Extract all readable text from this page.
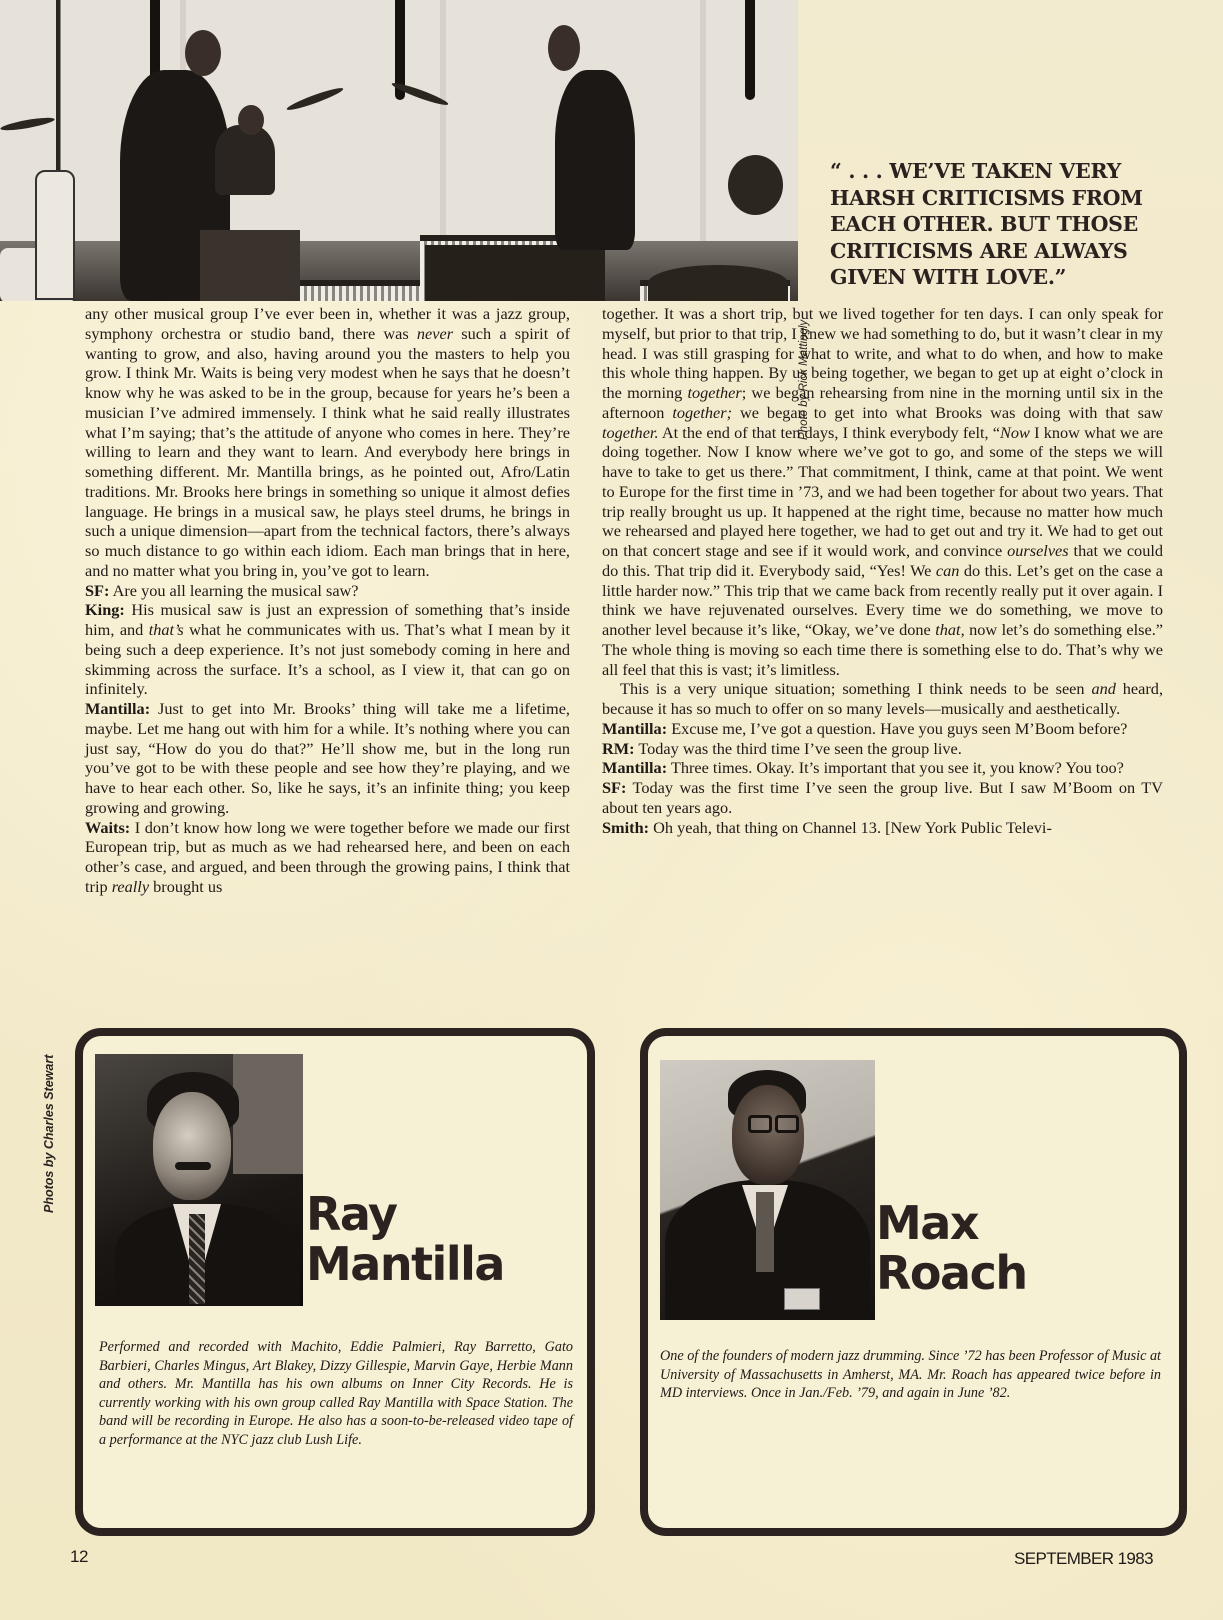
Photo by Rick Mattingly
“ . . . WE’VE TAKEN VERY HARSH CRITICISMS FROM EACH OTHER. BUT THOSE CRITICISMS ARE ALWAYS GIVEN WITH LOVE.”

any other musical group I’ve ever been in, whether it was a jazz group, symphony orchestra or studio band, there was never such a spirit of wanting to grow, and also, having around you the masters to help you grow. I think Mr. Waits is being very modest when he says that he doesn’t know why he was asked to be in the group, because for years he’s been a musician I’ve admired immensely. I think what he said really illustrates what I’m saying; that’s the attitude of anyone who comes in here. They’re willing to learn and they want to learn. And everybody here brings in something different. Mr. Mantilla brings, as he pointed out, Afro/Latin traditions. Mr. Brooks here brings in something so unique it almost defies language. He brings in a musical saw, he plays steel drums, he brings in such a unique dimension—apart from the technical factors, there’s always so much distance to go within each idiom. Each man brings that in here, and no matter what you bring in, you’ve got to learn.

SF: Are you all learning the musical saw?

King: His musical saw is just an expression of something that’s inside him, and that’s what he communicates with us. That’s what I mean by it being such a deep experience. It’s not just somebody coming in here and skimming across the surface. It’s a school, as I view it, that can go on infinitely.

Mantilla: Just to get into Mr. Brooks’ thing will take me a lifetime, maybe. Let me hang out with him for a while. It’s nothing where you can just say, “How do you do that?” He’ll show me, but in the long run you’ve got to be with these people and see how they’re playing, and we have to hear each other. So, like he says, it’s an infinite thing; you keep growing and growing.

Waits: I don’t know how long we were together before we made our first European trip, but as much as we had rehearsed here, and been on each other’s case, and argued, and been through the growing pains, I think that trip really brought us

together. It was a short trip, but we lived together for ten days. I can only speak for myself, but prior to that trip, I knew we had something to do, but it wasn’t clear in my head. I was still grasping for what to write, and what to do when, and how to make this whole thing happen. By us being together, we began to get up at eight o’clock in the morning together; we began rehearsing from nine in the morning until six in the afternoon together; we began to get into what Brooks was doing with that saw together. At the end of that ten days, I think everybody felt, “Now I know what we are doing together. Now I know where we’ve got to go, and some of the steps we will have to take to get us there.” That commitment, I think, came at that point. We went to Europe for the first time in ’73, and we had been together for about two years. That trip really brought us up. It happened at the right time, because no matter how much we rehearsed and played here together, we had to get out and try it. We had to get out on that concert stage and see if it would work, and convince ourselves that we could do this. That trip did it. Everybody said, “Yes! We can do this. Let’s get on the case a little harder now.” This trip that we came back from recently really put it over again. I think we have rejuvenated ourselves. Every time we do something, we move to another level because it’s like, “Okay, we’ve done that, now let’s do something else.” The whole thing is moving so each time there is something else to do. That’s why we all feel that this is vast; it’s limitless.

This is a very unique situation; something I think needs to be seen and heard, because it has so much to offer on so many levels—musically and aesthetically.

Mantilla: Excuse me, I’ve got a question. Have you guys seen M’Boom before?

RM: Today was the third time I’ve seen the group live.

Mantilla: Three times. Okay. It’s important that you see it, you know? You too?

SF: Today was the first time I’ve seen the group live. But I saw M’Boom on TV about ten years ago.

Smith: Oh yeah, that thing on Channel 13. [New York Public Televi-

Photos by Charles Stewart
Ray
Mantilla
Performed and recorded with Machito, Eddie Palmieri, Ray Barretto, Gato Barbieri, Charles Mingus, Art Blakey, Dizzy Gillespie, Marvin Gaye, Herbie Mann and others. Mr. Mantilla has his own albums on Inner City Records. He is currently working with his own group called Ray Mantilla with Space Station. The band will be recording in Europe. He also has a soon-to-be-released video tape of a performance at the NYC jazz club Lush Life.
Max
Roach
One of the founders of modern jazz drumming. Since ’72 has been Professor of Music at University of Massachusetts in Amherst, MA. Mr. Roach has appeared twice before in MD interviews. Once in Jan./Feb. ’79, and again in June ’82.
12	SEPTEMBER 1983
